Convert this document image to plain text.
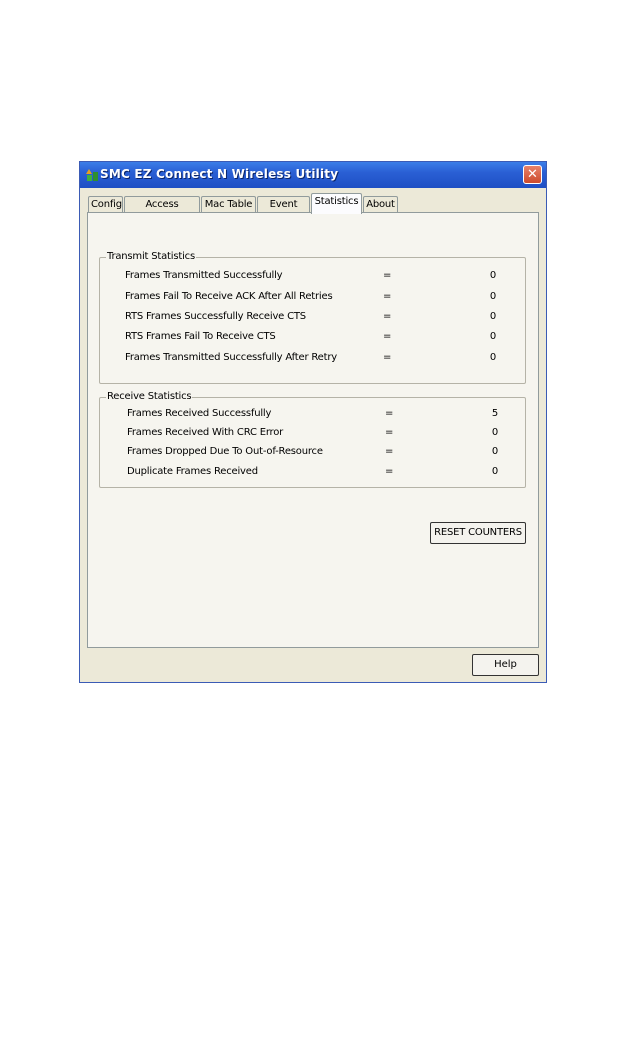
SMC EZ Connect N Wireless Utility	✕
Config	Access	Mac Table	Event	Statistics About
Transmit Statistics
Frames Transmitted Successfully	=	0
Frames Fail To Receive ACK After All Retries	=	0
RTS Frames Successfully Receive CTS	=	0
RTS Frames Fail To Receive CTS	=	0
Frames Transmitted Successfully After Retry	=	0
Receive Statistics
Frames Received Successfully	=	5
Frames Received With CRC Error	=	0
Frames Dropped Due To Out-of-Resource	=	0
Duplicate Frames Received	=	0
RESET COUNTERS
Help
